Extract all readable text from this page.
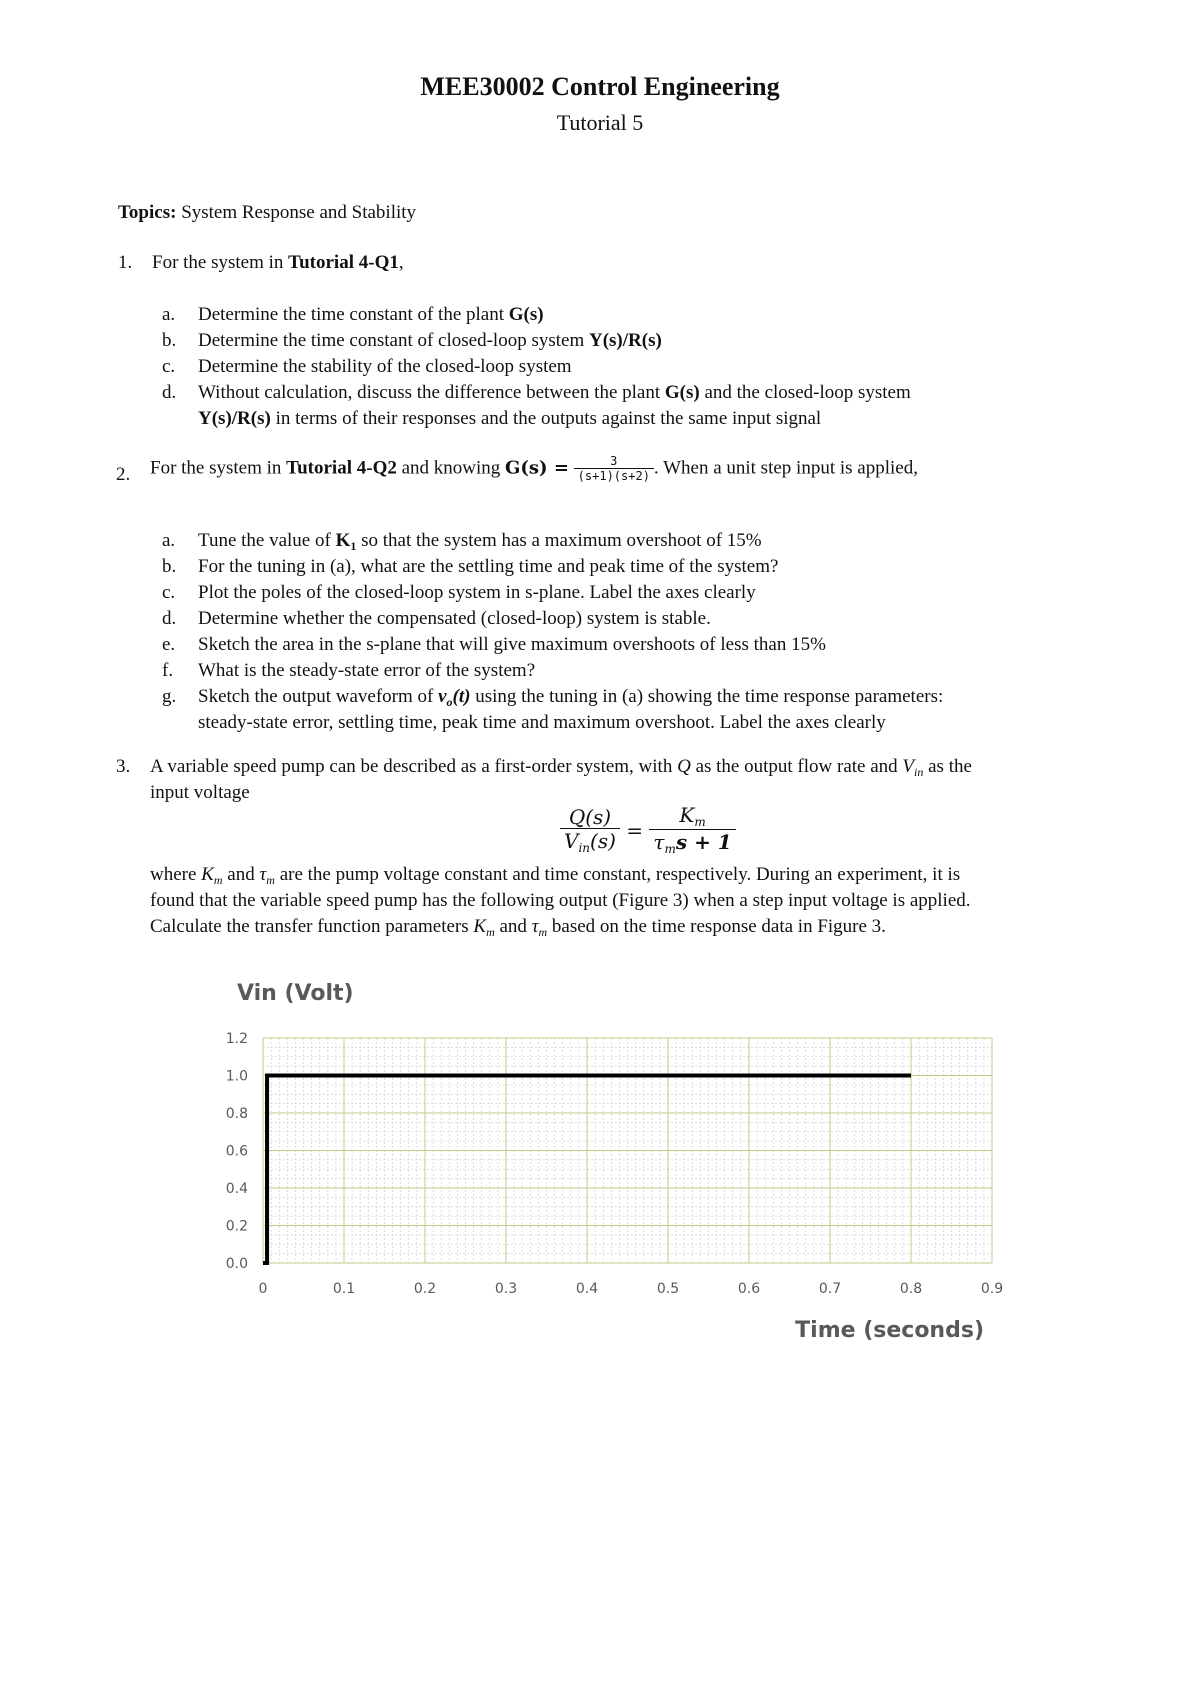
MEE30002 Control Engineering
Tutorial 5
Topics: System Response and Stability
1. For the system in Tutorial 4-Q1,
a. Determine the time constant of the plant G(s)
b. Determine the time constant of closed-loop system Y(s)/R(s)
c. Determine the stability of the closed-loop system
d. Without calculation, discuss the difference between the plant G(s) and the closed-loop system
Y(s)/R(s) in terms of their responses and the outputs against the same input signal
2. For the system in Tutorial 4-Q2 and knowing $G(s) = \frac{3}{(s+1)(s+2)}$ . When a unit step input is applied,
a. Tune the value of $K_1$ so that the system has a maximum overshoot of 15%
b. For the tuning in (a), what are the settling time and peak time of the system?
c. Plot the poles of the closed-loop system in s-plane. Label the axes clearly
d. Determine whether the compensated (closed-loop) system is stable.
e. Sketch the area in the s-plane that will give maximum overshoots of less than 15%
f. What is the steady-state error of the system?
g. Sketch the output waveform of $v_o(t)$ using the tuning in (a) showing the time response parameters:
steady-state error, settling time, peak time and maximum overshoot. Label the axes clearly
3. A variable speed pump can be described as a first-order system, with Q as the output flow rate and $V_{in}$ as the
input voltage
$\frac{Q(s)}{V_{in}(s)} = \frac{K_m}{\tau_ms + 1}$
where $K_m$ and $\tau_m$ are the pump voltage constant and time constant, respectively. During an experiment, it is
found that the variable speed pump has the following output (Figure 3) when a step input voltage is applied.
Calculate the transfer function parameters $K_m$ and $\tau_m$ based on the time response data in Figure 3.
0	0.1	0.2	0.3	0.4	0.5	0.6	0.7	0.8	0.9
0.0
0.2
0.4
0.6
0.8
1.0
1.2
Vin (Volt)
Time (seconds)
